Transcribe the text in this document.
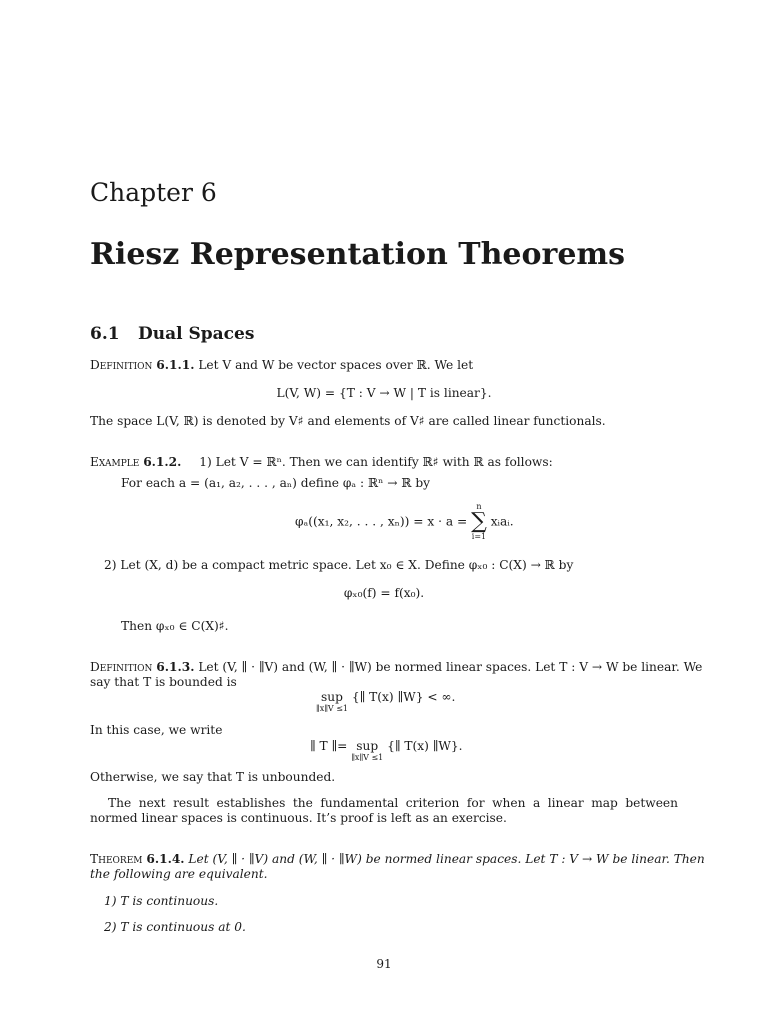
Chapter 6
Riesz Representation Theorems
6.1 Dual Spaces
Definition 6.1.1. Let V and W be vector spaces over ℝ. We let
L(V, W) = {T : V → W | T is linear}.
The space L(V, ℝ) is denoted by V♯ and elements of V♯ are called linear functionals.
Example 6.1.2. 1) Let V = ℝⁿ. Then we can identify ℝ♯ with ℝ as follows:
For each a = (a₁, a₂, . . . , aₙ) define φₐ : ℝⁿ → ℝ by
φₐ((x₁, x₂, . . . , xₙ)) = x · a =
n
∑
i=1
xᵢaᵢ.
2) Let (X, d) be a compact metric space. Let x₀ ∈ X. Define φₓ₀ : C(X) → ℝ by
φₓ₀(f) = f(x₀).
Then φₓ₀ ∈ C(X)♯.
Definition 6.1.3. Let (V, ∥ · ∥V) and (W, ∥ · ∥W) be normed linear spaces. Let T : V → W be linear. We
say that T is bounded is
sup
∥x∥V ≤1
{∥ T(x) ∥W} < ∞.
In this case, we write
∥ T ∥= sup
∥x∥V ≤1
{∥ T(x) ∥W}.
Otherwise, we say that T is unbounded.
The next result establishes the fundamental criterion for when a linear map between normed linear spaces is continuous. It’s proof is left as an exercise.
Theorem 6.1.4. Let (V, ∥ · ∥V) and (W, ∥ · ∥W) be normed linear spaces. Let T : V → W be linear. Then
the following are equivalent.
1) T is continuous.
2) T is continuous at 0.
91
